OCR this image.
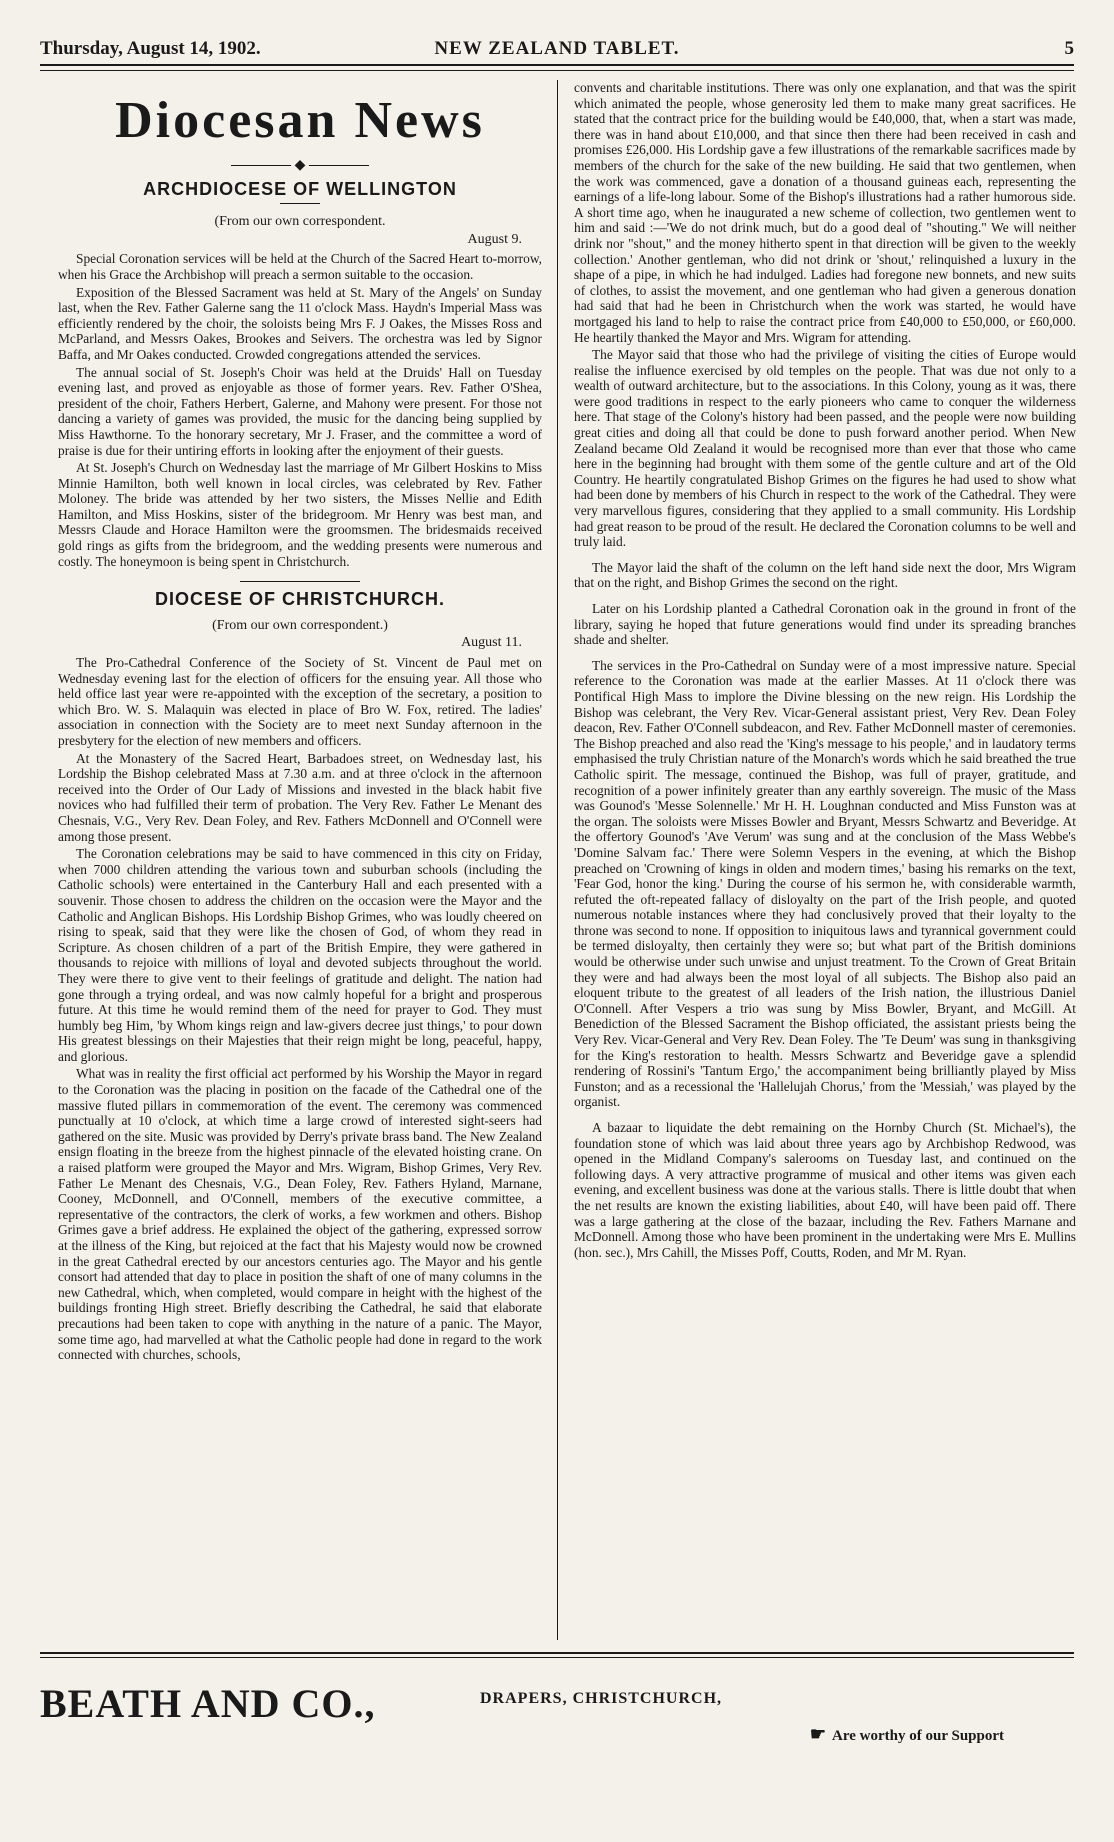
Thursday, August 14, 1902.	NEW ZEALAND TABLET.	5
Diocesan News
◆
ARCHDIOCESE OF WELLINGTON
(From our own correspondent.
August 9.

Special Coronation services will be held at the Church of the Sacred Heart to-morrow, when his Grace the Archbishop will preach a sermon suitable to the occasion.

Exposition of the Blessed Sacrament was held at St. Mary of the Angels' on Sunday last, when the Rev. Father Galerne sang the 11 o'clock Mass. Haydn's Imperial Mass was efficiently rendered by the choir, the soloists being Mrs F. J Oakes, the Misses Ross and McParland, and Messrs Oakes, Brookes and Seivers. The orchestra was led by Signor Baffa, and Mr Oakes conducted. Crowded congregations attended the services.

The annual social of St. Joseph's Choir was held at the Druids' Hall on Tuesday evening last, and proved as enjoyable as those of former years. Rev. Father O'Shea, president of the choir, Fathers Herbert, Galerne, and Mahony were present. For those not dancing a variety of games was provided, the music for the dancing being supplied by Miss Hawthorne. To the honorary secretary, Mr J. Fraser, and the committee a word of praise is due for their untiring efforts in looking after the enjoyment of their guests.

At St. Joseph's Church on Wednesday last the marriage of Mr Gilbert Hoskins to Miss Minnie Hamilton, both well known in local circles, was celebrated by Rev. Father Moloney. The bride was attended by her two sisters, the Misses Nellie and Edith Hamilton, and Miss Hoskins, sister of the bridegroom. Mr Henry was best man, and Messrs Claude and Horace Hamilton were the groomsmen. The bridesmaids received gold rings as gifts from the bridegroom, and the wedding presents were numerous and costly. The honeymoon is being spent in Christchurch.

DIOCESE OF CHRISTCHURCH.
(From our own correspondent.)
August 11.

The Pro-Cathedral Conference of the Society of St. Vincent de Paul met on Wednesday evening last for the election of officers for the ensuing year. All those who held office last year were re-appointed with the exception of the secretary, a position to which Bro. W. S. Malaquin was elected in place of Bro W. Fox, retired. The ladies' association in connection with the Society are to meet next Sunday afternoon in the presbytery for the election of new members and officers.

At the Monastery of the Sacred Heart, Barbadoes street, on Wednesday last, his Lordship the Bishop celebrated Mass at 7.30 a.m. and at three o'clock in the afternoon received into the Order of Our Lady of Missions and invested in the black habit five novices who had fulfilled their term of probation. The Very Rev. Father Le Menant des Chesnais, V.G., Very Rev. Dean Foley, and Rev. Fathers McDonnell and O'Connell were among those present.

The Coronation celebrations may be said to have commenced in this city on Friday, when 7000 children attending the various town and suburban schools (including the Catholic schools) were entertained in the Canterbury Hall and each presented with a souvenir. Those chosen to address the children on the occasion were the Mayor and the Catholic and Anglican Bishops. His Lordship Bishop Grimes, who was loudly cheered on rising to speak, said that they were like the chosen of God, of whom they read in Scripture. As chosen children of a part of the British Empire, they were gathered in thousands to rejoice with millions of loyal and devoted subjects throughout the world. They were there to give vent to their feelings of gratitude and delight. The nation had gone through a trying ordeal, and was now calmly hopeful for a bright and prosperous future. At this time he would remind them of the need for prayer to God. They must humbly beg Him, 'by Whom kings reign and law-givers decree just things,' to pour down His greatest blessings on their Majesties that their reign might be long, peaceful, happy, and glorious.

What was in reality the first official act performed by his Worship the Mayor in regard to the Coronation was the placing in position on the facade of the Cathedral one of the massive fluted pillars in commemoration of the event. The ceremony was commenced punctually at 10 o'clock, at which time a large crowd of interested sight-seers had gathered on the site. Music was provided by Derry's private brass band. The New Zealand ensign floating in the breeze from the highest pinnacle of the elevated hoisting crane. On a raised platform were grouped the Mayor and Mrs. Wigram, Bishop Grimes, Very Rev. Father Le Menant des Chesnais, V.G., Dean Foley, Rev. Fathers Hyland, Marnane, Cooney, McDonnell, and O'Connell, members of the executive committee, a representative of the contractors, the clerk of works, a few workmen and others. Bishop Grimes gave a brief address. He explained the object of the gathering, expressed sorrow at the illness of the King, but rejoiced at the fact that his Majesty would now be crowned in the great Cathedral erected by our ancestors centuries ago. The Mayor and his gentle consort had attended that day to place in position the shaft of one of many columns in the new Cathedral, which, when completed, would compare in height with the highest of the buildings fronting High street. Briefly describing the Cathedral, he said that elaborate precautions had been taken to cope with anything in the nature of a panic. The Mayor, some time ago, had marvelled at what the Catholic people had done in regard to the work connected with churches, schools,

convents and charitable institutions. There was only one explanation, and that was the spirit which animated the people, whose generosity led them to make many great sacrifices. He stated that the contract price for the building would be £40,000, that, when a start was made, there was in hand about £10,000, and that since then there had been received in cash and promises £26,000. His Lordship gave a few illustrations of the remarkable sacrifices made by members of the church for the sake of the new building. He said that two gentlemen, when the work was commenced, gave a donation of a thousand guineas each, representing the earnings of a life-long labour. Some of the Bishop's illustrations had a rather humorous side. A short time ago, when he inaugurated a new scheme of collection, two gentlemen went to him and said :—'We do not drink much, but do a good deal of "shouting." We will neither drink nor "shout," and the money hitherto spent in that direction will be given to the weekly collection.' Another gentleman, who did not drink or 'shout,' relinquished a luxury in the shape of a pipe, in which he had indulged. Ladies had foregone new bonnets, and new suits of clothes, to assist the movement, and one gentleman who had given a generous donation had said that had he been in Christchurch when the work was started, he would have mortgaged his land to help to raise the contract price from £40,000 to £50,000, or £60,000. He heartily thanked the Mayor and Mrs. Wigram for attending.

The Mayor said that those who had the privilege of visiting the cities of Europe would realise the influence exercised by old temples on the people. That was due not only to a wealth of outward architecture, but to the associations. In this Colony, young as it was, there were good traditions in respect to the early pioneers who came to conquer the wilderness here. That stage of the Colony's history had been passed, and the people were now building great cities and doing all that could be done to push forward another period. When New Zealand became Old Zealand it would be recognised more than ever that those who came here in the beginning had brought with them some of the gentle culture and art of the Old Country. He heartily congratulated Bishop Grimes on the figures he had used to show what had been done by members of his Church in respect to the work of the Cathedral. They were very marvellous figures, considering that they applied to a small community. His Lordship had great reason to be proud of the result. He declared the Coronation columns to be well and truly laid.

The Mayor laid the shaft of the column on the left hand side next the door, Mrs Wigram that on the right, and Bishop Grimes the second on the right.

Later on his Lordship planted a Cathedral Coronation oak in the ground in front of the library, saying he hoped that future generations would find under its spreading branches shade and shelter.

The services in the Pro-Cathedral on Sunday were of a most impressive nature. Special reference to the Coronation was made at the earlier Masses. At 11 o'clock there was Pontifical High Mass to implore the Divine blessing on the new reign. His Lordship the Bishop was celebrant, the Very Rev. Vicar-General assistant priest, Very Rev. Dean Foley deacon, Rev. Father O'Connell subdeacon, and Rev. Father McDonnell master of ceremonies. The Bishop preached and also read the 'King's message to his people,' and in laudatory terms emphasised the truly Christian nature of the Monarch's words which he said breathed the true Catholic spirit. The message, continued the Bishop, was full of prayer, gratitude, and recognition of a power infinitely greater than any earthly sovereign. The music of the Mass was Gounod's 'Messe Solennelle.' Mr H. H. Loughnan conducted and Miss Funston was at the organ. The soloists were Misses Bowler and Bryant, Messrs Schwartz and Beveridge. At the offertory Gounod's 'Ave Verum' was sung and at the conclusion of the Mass Webbe's 'Domine Salvam fac.' There were Solemn Vespers in the evening, at which the Bishop preached on 'Crowning of kings in olden and modern times,' basing his remarks on the text, 'Fear God, honor the king.' During the course of his sermon he, with considerable warmth, refuted the oft-repeated fallacy of disloyalty on the part of the Irish people, and quoted numerous notable instances where they had conclusively proved that their loyalty to the throne was second to none. If opposition to iniquitous laws and tyrannical government could be termed disloyalty, then certainly they were so; but what part of the British dominions would be otherwise under such unwise and unjust treatment. To the Crown of Great Britain they were and had always been the most loyal of all subjects. The Bishop also paid an eloquent tribute to the greatest of all leaders of the Irish nation, the illustrious Daniel O'Connell. After Vespers a trio was sung by Miss Bowler, Bryant, and McGill. At Benediction of the Blessed Sacrament the Bishop officiated, the assistant priests being the Very Rev. Vicar-General and Very Rev. Dean Foley. The 'Te Deum' was sung in thanksgiving for the King's restoration to health. Messrs Schwartz and Beveridge gave a splendid rendering of Rossini's 'Tantum Ergo,' the accompaniment being brilliantly played by Miss Funston; and as a recessional the 'Hallelujah Chorus,' from the 'Messiah,' was played by the organist.

A bazaar to liquidate the debt remaining on the Hornby Church (St. Michael's), the foundation stone of which was laid about three years ago by Archbishop Redwood, was opened in the Midland Company's salerooms on Tuesday last, and continued on the following days. A very attractive programme of musical and other items was given each evening, and excellent business was done at the various stalls. There is little doubt that when the net results are known the existing liabilities, about £40, will have been paid off. There was a large gathering at the close of the bazaar, including the Rev. Fathers Marnane and McDonnell. Among those who have been prominent in the undertaking were Mrs E. Mullins (hon. sec.), Mrs Cahill, the Misses Poff, Coutts, Roden, and Mr M. Ryan.

BEATH AND CO.,	DRAPERS, CHRISTCHURCH,
☛ Are worthy of our Support
